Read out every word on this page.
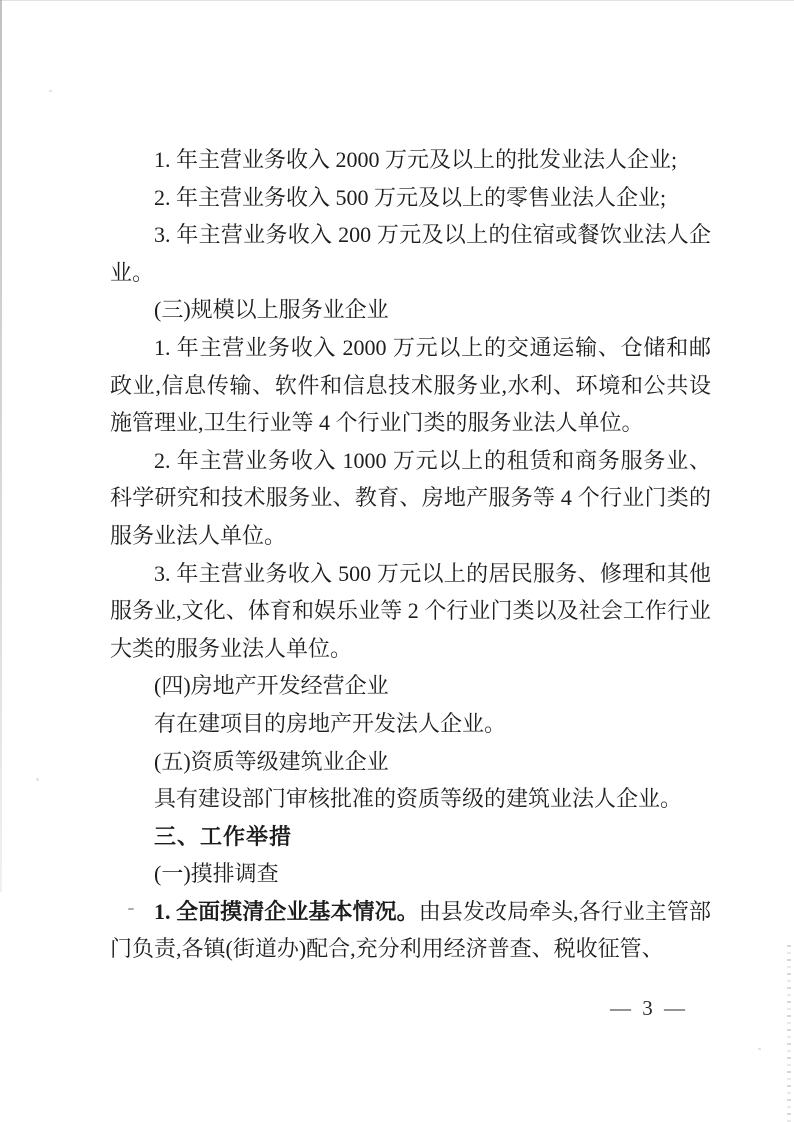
1. 年主营业务收入 2000 万元及以上的批发业法人企业;

2. 年主营业务收入 500 万元及以上的零售业法人企业;

3. 年主营业务收入 200 万元及以上的住宿或餐饮业法人企业。

(三)规模以上服务业企业

1. 年主营业务收入 2000 万元以上的交通运输、仓储和邮政业,信息传输、软件和信息技术服务业,水利、环境和公共设施管理业,卫生行业等 4 个行业门类的服务业法人单位。

2. 年主营业务收入 1000 万元以上的租赁和商务服务业、科学研究和技术服务业、教育、房地产服务等 4 个行业门类的服务业法人单位。

3. 年主营业务收入 500 万元以上的居民服务、修理和其他服务业,文化、体育和娱乐业等 2 个行业门类以及社会工作行业大类的服务业法人单位。

(四)房地产开发经营企业

有在建项目的房地产开发法人企业。

(五)资质等级建筑业企业

具有建设部门审核批准的资质等级的建筑业法人企业。

三、工作举措

(一)摸排调查

1. 全面摸清企业基本情况。由县发改局牵头,各行业主管部门负责,各镇(街道办)配合,充分利用经济普查、税收征管、

— 3 —
